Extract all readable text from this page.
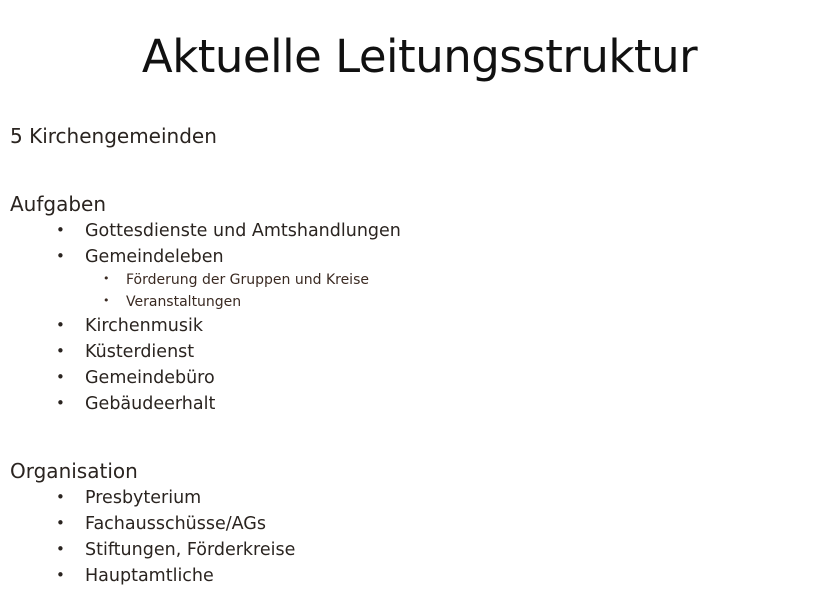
Aktuelle Leitungsstruktur
5 Kirchengemeinden
Aufgaben
• Gottesdienste und Amtshandlungen
• Gemeindeleben
• Förderung der Gruppen und Kreise
• Veranstaltungen
• Kirchenmusik
• Küsterdienst
• Gemeindebüro
• Gebäudeerhalt
Organisation
• Presbyterium
• Fachausschüsse/AGs
• Stiftungen, Förderkreise
• Hauptamtliche
